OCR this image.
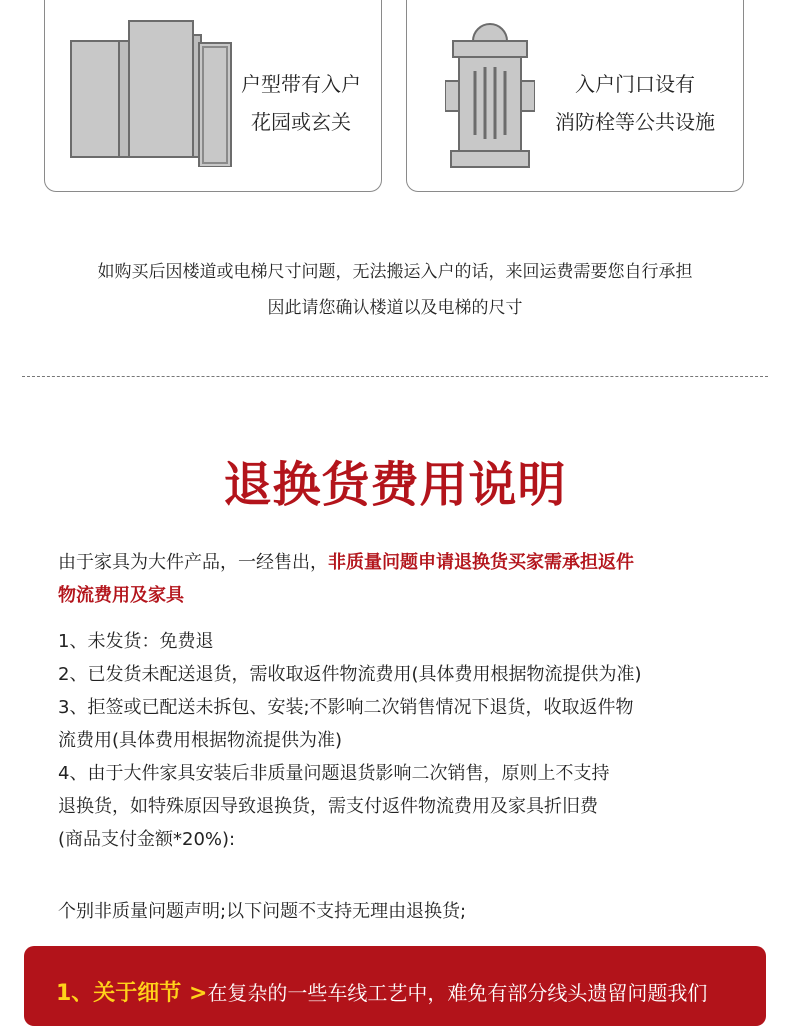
户型带有入户
花园或玄关
入户门口设有
消防栓等公共设施
如购买后因楼道或电梯尺寸问题，无法搬运入户的话，来回运费需要您自行承担
因此请您确认楼道以及电梯的尺寸
退换货费用说明
由于家具为大件产品，一经售出，非质量问题申请退换货买家需承担返件
物流费用及家具
1、未发货：免费退
2、已发货未配送退货，需收取返件物流费用(具体费用根据物流提供为准)
3、拒签或已配送未拆包、安装;不影响二次销售情况下退货，收取返件物
流费用(具体费用根据物流提供为准)
4、由于大件家具安装后非质量问题退货影响二次销售，原则上不支持
退换货，如特殊原因导致退换货，需支付返件物流费用及家具折旧费
(商品支付金额*20%):
个别非质量问题声明;以下问题不支持无理由退换货;
1、关于细节 >在复杂的一些车线工艺中，难免有部分线头遗留问题我们
